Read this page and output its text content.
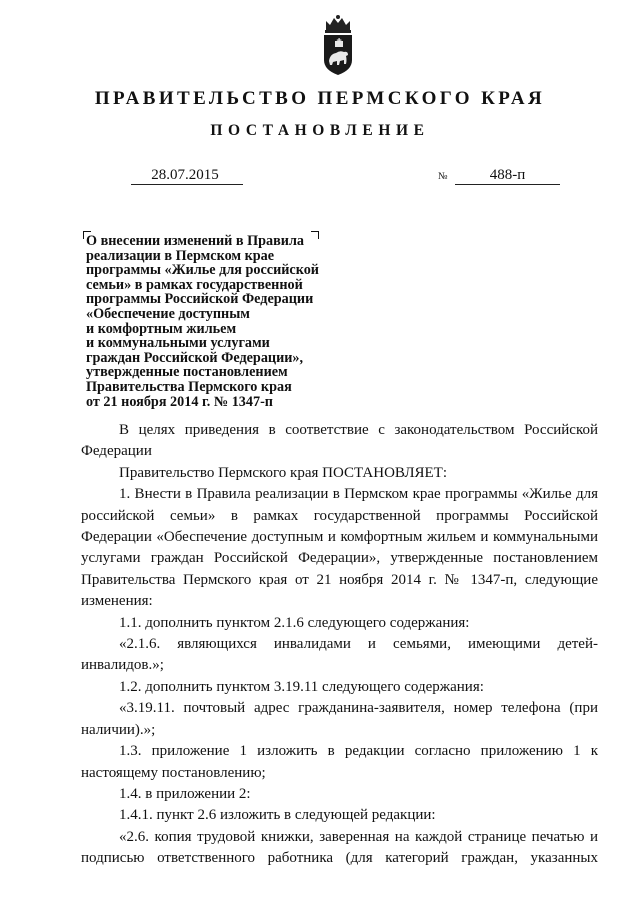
ПРАВИТЕЛЬСТВО ПЕРМСКОГО КРАЯ
ПОСТАНОВЛЕНИЕ
28.07.2015	№	488-п
О внесении изменений в Правила
реализации в Пермском крае
программы «Жилье для российской
семьи» в рамках государственной
программы Российской Федерации
«Обеспечение доступным
и комфортным жильем
и коммунальными услугами
граждан Российской Федерации»,
утвержденные постановлением
Правительства Пермского края
от 21 ноября 2014 г. № 1347-п

В целях приведения в соответствие с законодательством Российской Федерации

Правительство Пермского края ПОСТАНОВЛЯЕТ:

1. Внести в Правила реализации в Пермском крае программы «Жилье для российской семьи» в рамках государственной программы Российской Федерации «Обеспечение доступным и комфортным жильем и коммунальными услугами граждан Российской Федерации», утвержденные постановлением Правительства Пермского края от 21 ноября 2014 г. № 1347-п, следующие изменения:

1.1. дополнить пунктом 2.1.6 следующего содержания:

«2.1.6. являющихся инвалидами и семьями, имеющими детей-инвалидов.»;

1.2. дополнить пунктом 3.19.11 следующего содержания:

«3.19.11. почтовый адрес гражданина-заявителя, номер телефона (при наличии).»;

1.3. приложение 1 изложить в редакции согласно приложению 1 к настоящему постановлению;

1.4. в приложении 2:

1.4.1. пункт 2.6 изложить в следующей редакции:

«2.6. копия трудовой книжки, заверенная на каждой странице печатью и подписью ответственного работника (для категорий граждан, указанных
